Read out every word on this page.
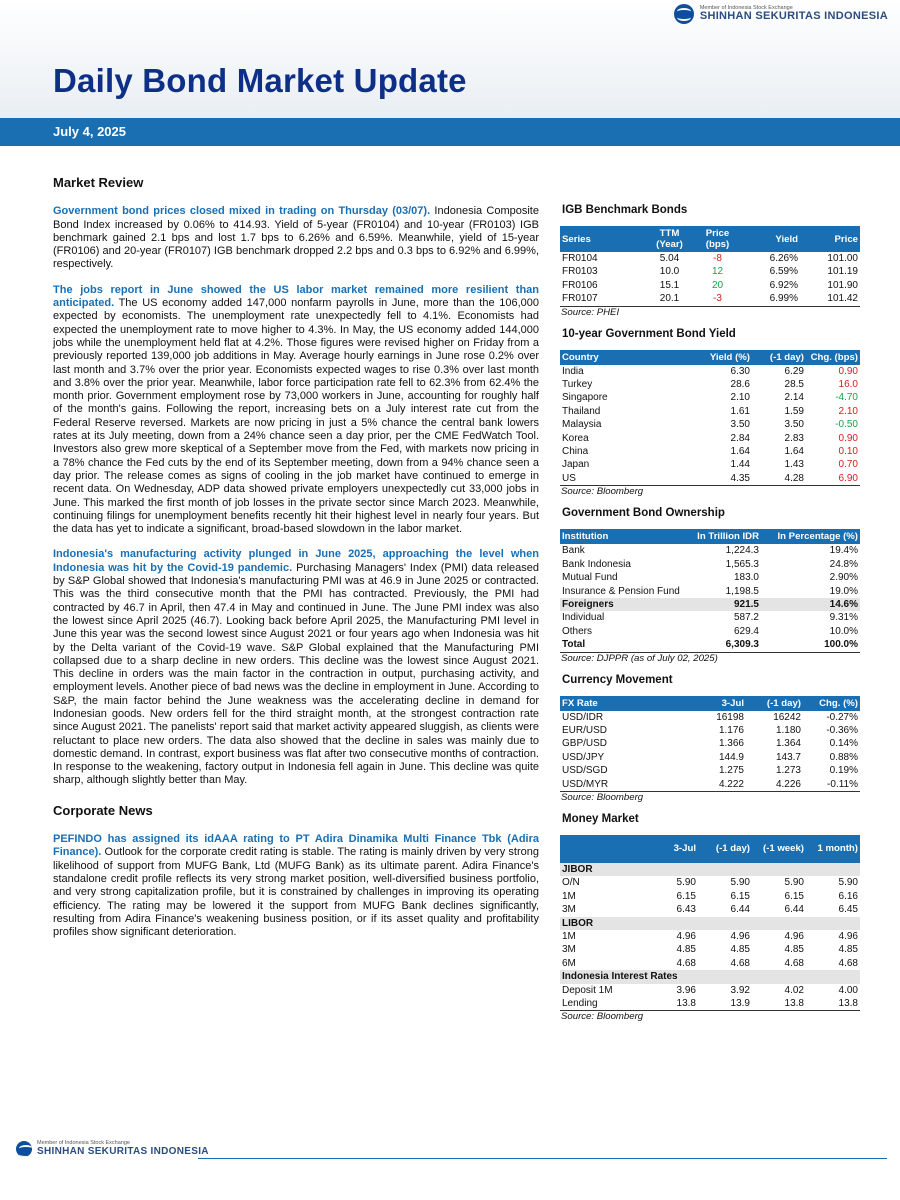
Member of Indonesia Stock Exchange
SHINHAN SEKURITAS INDONESIA
Daily Bond Market Update
July 4, 2025
Market Review

Government bond prices closed mixed in trading on Thursday (03/07). Indonesia Composite Bond Index increased by 0.06% to 414.93. Yield of 5-year (FR0104) and 10-year (FR0103) IGB benchmark gained 2.1 bps and lost 1.7 bps to 6.26% and 6.59%. Meanwhile, yield of 15-year (FR0106) and 20-year (FR0107) IGB benchmark dropped 2.2 bps and 0.3 bps to 6.92% and 6.99%, respectively.

The jobs report in June showed the US labor market remained more resilient than anticipated. The US economy added 147,000 nonfarm payrolls in June, more than the 106,000 expected by economists. The unemployment rate unexpectedly fell to 4.1%. Economists had expected the unemployment rate to move higher to 4.3%. In May, the US economy added 144,000 jobs while the unemployment held flat at 4.2%. Those figures were revised higher on Friday from a previously reported 139,000 job additions in May. Average hourly earnings in June rose 0.2% over last month and 3.7% over the prior year. Economists expected wages to rise 0.3% over last month and 3.8% over the prior year. Meanwhile, labor force participation rate fell to 62.3% from 62.4% the month prior. Government employment rose by 73,000 workers in June, accounting for roughly half of the month's gains. Following the report, increasing bets on a July interest rate cut from the Federal Reserve reversed. Markets are now pricing in just a 5% chance the central bank lowers rates at its July meeting, down from a 24% chance seen a day prior, per the CME FedWatch Tool. Investors also grew more skeptical of a September move from the Fed, with markets now pricing in a 78% chance the Fed cuts by the end of its September meeting, down from a 94% chance seen a day prior. The release comes as signs of cooling in the job market have continued to emerge in recent data. On Wednesday, ADP data showed private employers unexpectedly cut 33,000 jobs in June. This marked the first month of job losses in the private sector since March 2023. Meanwhile, continuing filings for unemployment benefits recently hit their highest level in nearly four years. But the data has yet to indicate a significant, broad-based slowdown in the labor market.

Indonesia's manufacturing activity plunged in June 2025, approaching the level when Indonesia was hit by the Covid-19 pandemic. Purchasing Managers' Index (PMI) data released by S&P Global showed that Indonesia's manufacturing PMI was at 46.9 in June 2025 or contracted. This was the third consecutive month that the PMI has contracted. Previously, the PMI had contracted by 46.7 in April, then 47.4 in May and continued in June. The June PMI index was also the lowest since April 2025 (46.7). Looking back before April 2025, the Manufacturing PMI level in June this year was the second lowest since August 2021 or four years ago when Indonesia was hit by the Delta variant of the Covid-19 wave. S&P Global explained that the Manufacturing PMI collapsed due to a sharp decline in new orders. This decline was the lowest since August 2021. This decline in orders was the main factor in the contraction in output, purchasing activity, and employment levels. Another piece of bad news was the decline in employment in June. According to S&P, the main factor behind the June weakness was the accelerating decline in demand for Indonesian goods. New orders fell for the third straight month, at the strongest contraction rate since August 2021. The panelists' report said that market activity appeared sluggish, as clients were reluctant to place new orders. The data also showed that the decline in sales was mainly due to domestic demand. In contrast, export business was flat after two consecutive months of contraction. In response to the weakening, factory output in Indonesia fell again in June. This decline was quite sharp, although slightly better than May.

Corporate News

PEFINDO has assigned its idAAA rating to PT Adira Dinamika Multi Finance Tbk (Adira Finance). Outlook for the corporate credit rating is stable. The rating is mainly driven by very strong likelihood of support from MUFG Bank, Ltd (MUFG Bank) as its ultimate parent. Adira Finance's standalone credit profile reflects its very strong market position, well-diversified business portfolio, and very strong capitalization profile, but it is constrained by challenges in improving its operating efficiency. The rating may be lowered it the support from MUFG Bank declines significantly, resulting from Adira Finance's weakening business position, or if its asset quality and profitability profiles show significant deterioration.

IGB Benchmark Bonds
Series	TTM (Year)	Price (bps)	Yield	Price
FR0104	5.04	-8	6.26%	101.00
FR0103	10.0	12	6.59%	101.19
FR0106	15.1	20	6.92%	101.90
FR0107	20.1	-3	6.99%	101.42
Source: PHEI
10-year Government Bond Yield
Country	Yield (%)	(-1 day)	Chg. (bps)
India	6.30	6.29	0.90
Turkey	28.6	28.5	16.0
Singapore	2.10	2.14	-4.70
Thailand	1.61	1.59	2.10
Malaysia	3.50	3.50	-0.50
Korea	2.84	2.83	0.90
China	1.64	1.64	0.10
Japan	1.44	1.43	0.70
US	4.35	4.28	6.90
Source: Bloomberg
Government Bond Ownership
Institution	In Trillion IDR	In Percentage (%)
Bank	1,224.3	19.4%
Bank Indonesia	1,565.3	24.8%
Mutual Fund	183.0	2.90%
Insurance & Pension Fund	1,198.5	19.0%
Foreigners	921.5	14.6%
Individual	587.2	9.31%
Others	629.4	10.0%
Total	6,309.3	100.0%
Source: DJPPR (as of July 02, 2025)
Currency Movement
FX Rate	3-Jul	(-1 day)	Chg. (%)
USD/IDR	16198	16242	-0.27%
EUR/USD	1.176	1.180	-0.36%
GBP/USD	1.366	1.364	0.14%
USD/JPY	144.9	143.7	0.88%
USD/SGD	1.275	1.273	0.19%
USD/MYR	4.222	4.226	-0.11%
Source: Bloomberg
Money Market
	3-Jul	(-1 day)	(-1 week)	1 month)
JIBOR				
O/N	5.90	5.90	5.90	5.90
1M	6.15	6.15	6.15	6.16
3M	6.43	6.44	6.44	6.45
LIBOR				
1M	4.96	4.96	4.96	4.96
3M	4.85	4.85	4.85	4.85
6M	4.68	4.68	4.68	4.68
Indonesia Interest Rates				
Deposit 1M	3.96	3.92	4.02	4.00
Lending	13.8	13.9	13.8	13.8
Source: Bloomberg
Member of Indonesia Stock Exchange
SHINHAN SEKURITAS INDONESIA
